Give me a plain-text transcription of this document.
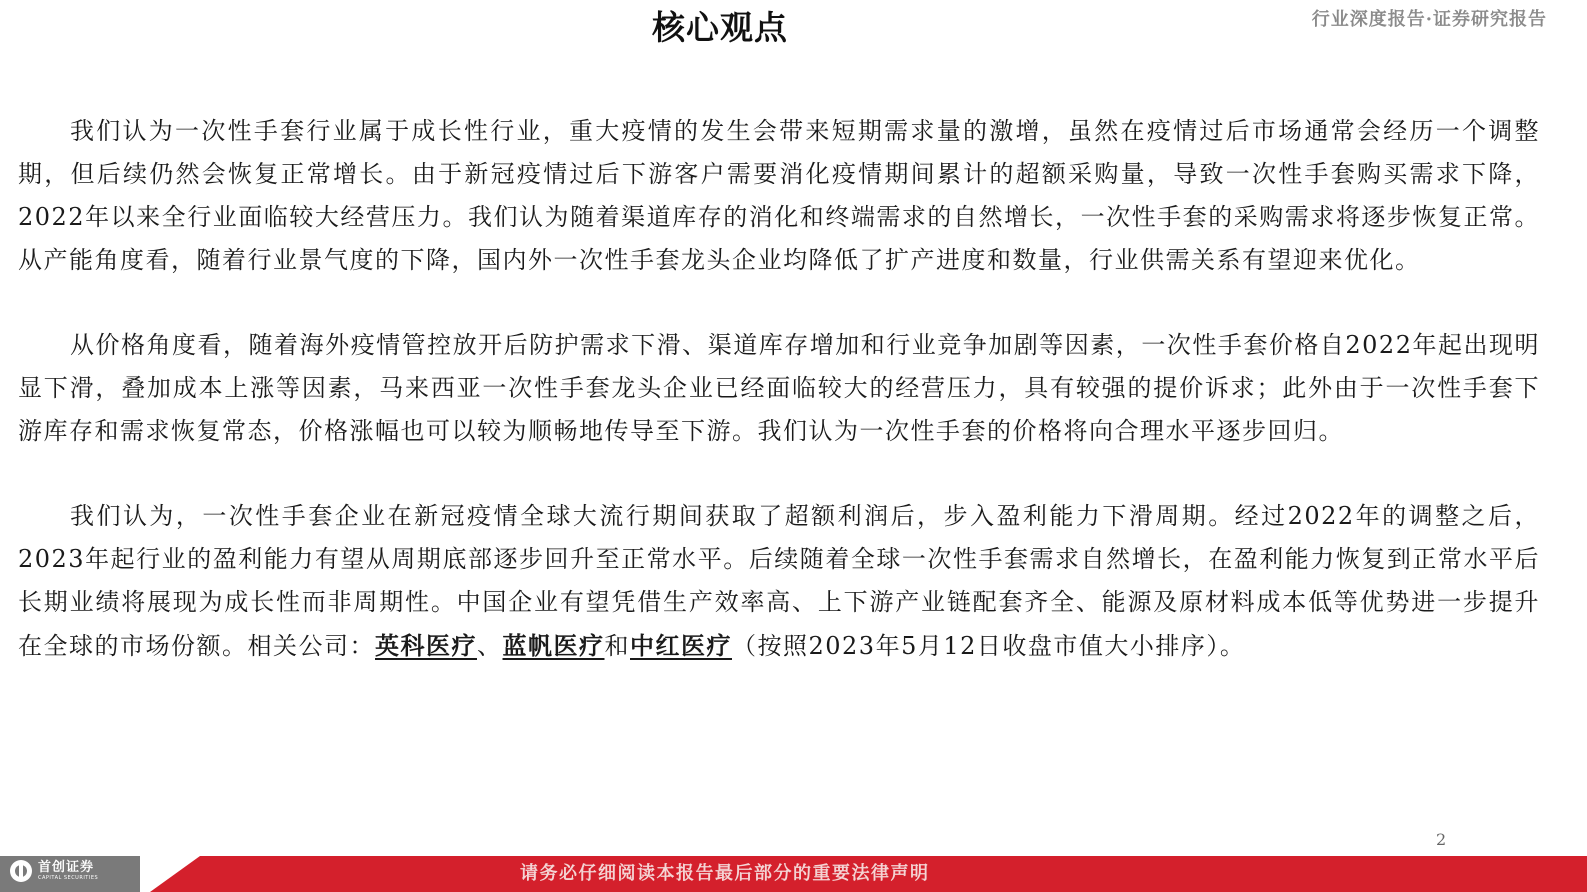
核心观点	行业深度报告·证券研究报告

我们认为一次性手套行业属于成长性行业，重大疫情的发生会带来短期需求量的激增，虽然在疫情过后市场通常会经历一个调整期，但后续仍然会恢复正常增长。由于新冠疫情过后下游客户需要消化疫情期间累计的超额采购量，导致一次性手套购买需求下降，2022年以来全行业面临较大经营压力。我们认为随着渠道库存的消化和终端需求的自然增长，一次性手套的采购需求将逐步恢复正常。从产能角度看，随着行业景气度的下降，国内外一次性手套龙头企业均降低了扩产进度和数量，行业供需关系有望迎来优化。

从价格角度看，随着海外疫情管控放开后防护需求下滑、渠道库存增加和行业竞争加剧等因素，一次性手套价格自2022年起出现明显下滑，叠加成本上涨等因素，马来西亚一次性手套龙头企业已经面临较大的经营压力，具有较强的提价诉求；此外由于一次性手套下游库存和需求恢复常态，价格涨幅也可以较为顺畅地传导至下游。我们认为一次性手套的价格将向合理水平逐步回归。

我们认为，一次性手套企业在新冠疫情全球大流行期间获取了超额利润后，步入盈利能力下滑周期。经过2022年的调整之后，2023年起行业的盈利能力有望从周期底部逐步回升至正常水平。后续随着全球一次性手套需求自然增长，在盈利能力恢复到正常水平后长期业绩将展现为成长性而非周期性。中国企业有望凭借生产效率高、上下游产业链配套齐全、能源及原材料成本低等优势进一步提升在全球的市场份额。相关公司：英科医疗、蓝帆医疗和中红医疗（按照2023年5月12日收盘市值大小排序）。

2
首创证券
CAPITAL SECURITIES	请务必仔细阅读本报告最后部分的重要法律声明
